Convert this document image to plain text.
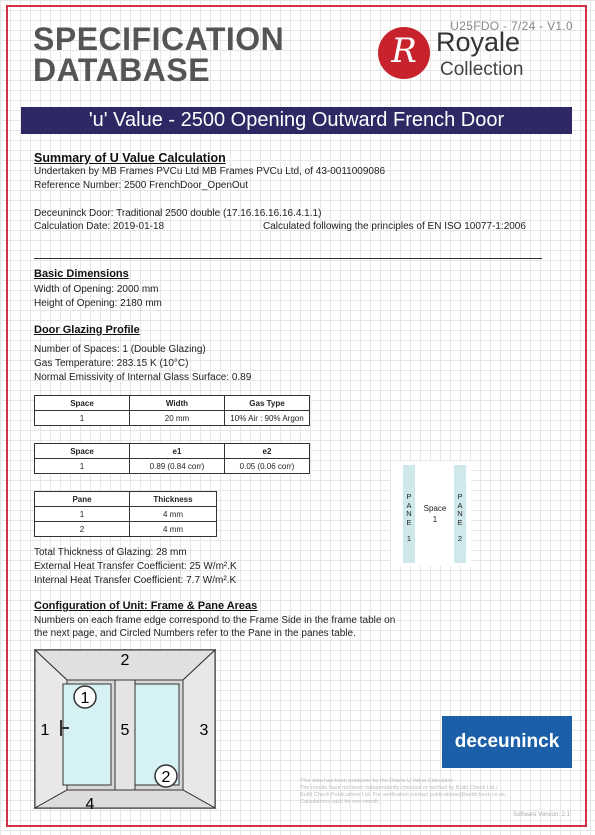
U25FDO - 7/24 - V1.0
SPECIFICATION
DATABASE	R Royale
Collection
'u' Value - 2500 Opening Outward French Door
Summary of U Value Calculation
Undertaken by MB Frames PVCu Ltd MB Frames PVCu Ltd, of 43-0011009086
Reference Number: 2500 FrenchDoor_OpenOut
Deceuninck Door: Traditional 2500 double (17.16.16.16.16.4.1.1)
Calculation Date: 2019-01-18	Calculated following the principles of EN ISO 10077-1:2006
Basic Dimensions
Width of Opening: 2000 mm
Height of Opening: 2180 mm
Door Glazing Profile
Number of Spaces: 1 (Double Glazing)
Gas Temperature: 283.15 K (10°C)
Normal Emissivity of Internal Glass Surface: 0.89
Space	Width	Gas Type
1	20 mm	10% Air : 90% Argon
Space	e1	e2
1	0.89 (0.84 corr)	0.05 (0.06 corr)
Pane	Thickness
1	4 mm
2	4 mm
P
A
N
E
1
Space
1
P
A
N
E
2
Total Thickness of Glazing: 28 mm
External Heat Transfer Coefficient: 25 W/m².K
Internal Heat Transfer Coefficient: 7.7 W/m².K
Configuration of Unit: Frame & Pane Areas
Numbers on each frame edge correspond to the Frame Side in the frame table on
the next page, and Circled Numbers refer to the Pane in the panes table.
1
2
2
1	3
5
4
deceuninck
This data has been produced by the Oracle U Value Calculator.
The results have not been independently checked or verified by Build Check Ltd /
Build Check Publications Ltd. For verification contact publications@buildcheck.co.uk.
Calculations valid for one month.
Software Version: 2.1
